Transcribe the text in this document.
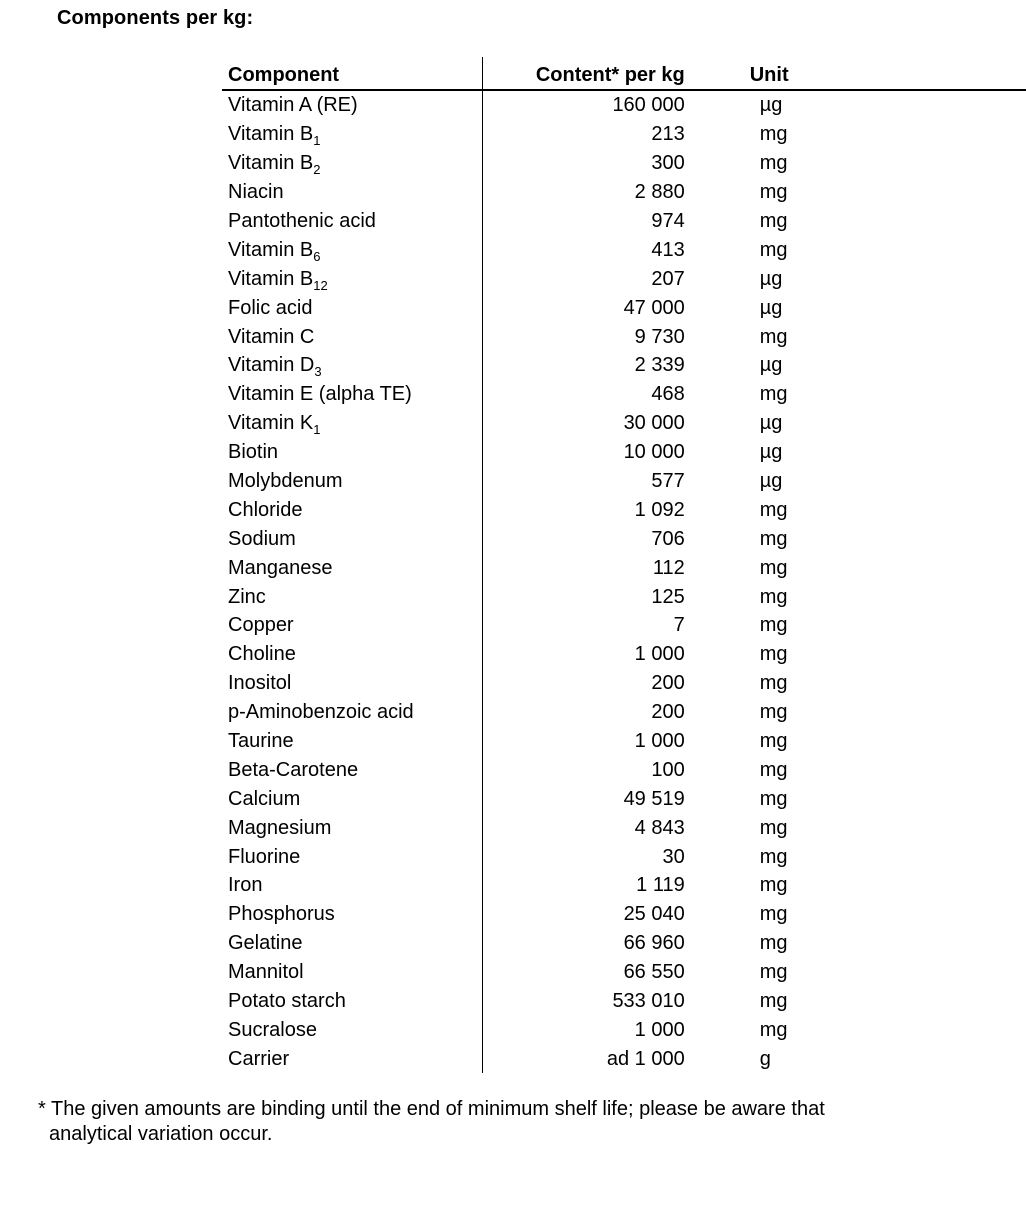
Components per kg:
Component	Content* per kg	Unit
Vitamin A (RE)	160 000	µg
Vitamin $B_1$	213	mg
Vitamin $B_2$	300	mg
Niacin	2 880	mg
Pantothenic acid	974	mg
Vitamin $B_6$	413	mg
Vitamin $B_{12}$	207	µg
Folic acid	47 000	µg
Vitamin C	9 730	mg
Vitamin $D_3$	2 339	µg
Vitamin E (alpha TE)	468	mg
Vitamin $K_1$	30 000	µg
Biotin	10 000	µg
Molybdenum	577	µg
Chloride	1 092	mg
Sodium	706	mg
Manganese	112	mg
Zinc	125	mg
Copper	7	mg
Choline	1 000	mg
Inositol	200	mg
p-Aminobenzoic acid	200	mg
Taurine	1 000	mg
Beta-Carotene	100	mg
Calcium	49 519	mg
Magnesium	4 843	mg
Fluorine	30	mg
Iron	1 119	mg
Phosphorus	25 040	mg
Gelatine	66 960	mg
Mannitol	66 550	mg
Potato starch	533 010	mg
Sucralose	1 000	mg
Carrier	ad 1 000	g
* The given amounts are binding until the end of minimum shelf life; please be aware that
analytical variation occur.
